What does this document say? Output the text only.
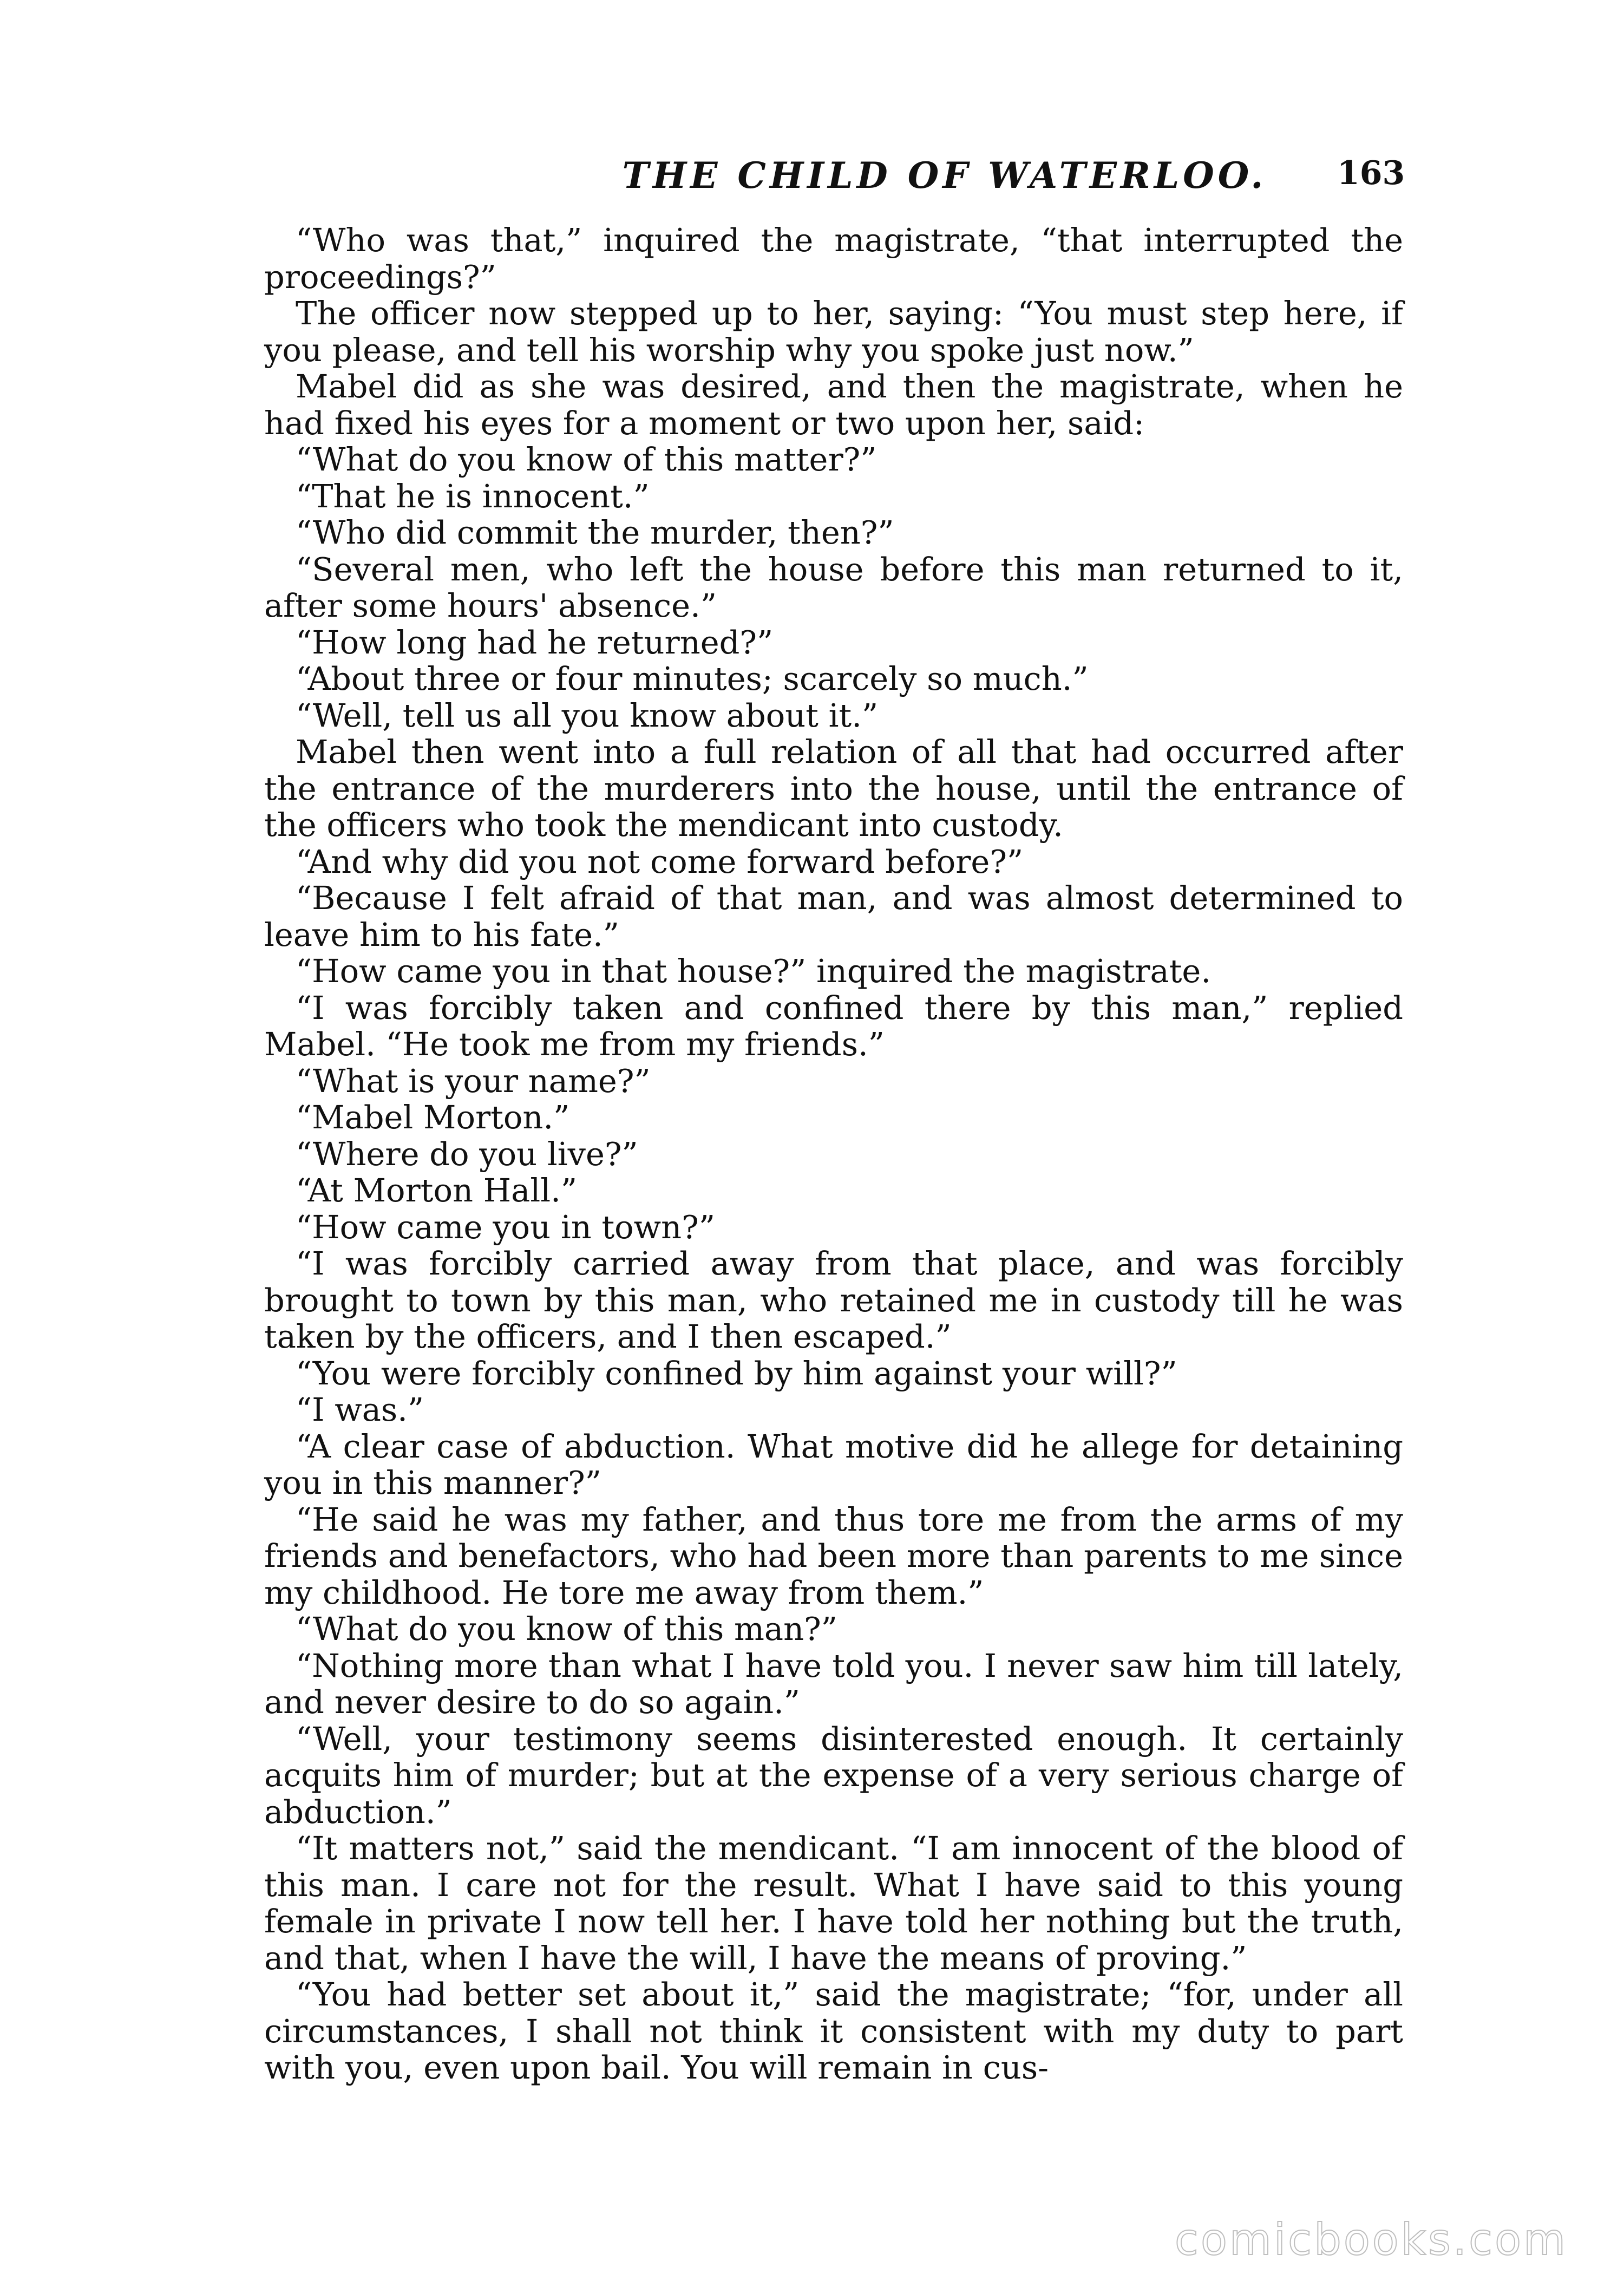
THE CHILD OF WATERLOO.	163

“Who was that,” inquired the magistrate, “that interrupted the proceedings?”

The officer now stepped up to her, saying: “You must step here, if you please, and tell his worship why you spoke just now.”

Mabel did as she was desired, and then the magistrate, when he had fixed his eyes for a moment or two upon her, said:

“What do you know of this matter?”

“That he is innocent.”

“Who did commit the murder, then?”

“Several men, who left the house before this man returned to it, after some hours' absence.”

“How long had he returned?”

“About three or four minutes; scarcely so much.”

“Well, tell us all you know about it.”

Mabel then went into a full relation of all that had occurred after the entrance of the murderers into the house, until the entrance of the officers who took the mendicant into custody.

“And why did you not come forward before?”

“Because I felt afraid of that man, and was almost determined to leave him to his fate.”

“How came you in that house?” inquired the magistrate.

“I was forcibly taken and confined there by this man,” replied Mabel. “He took me from my friends.”

“What is your name?”

“Mabel Morton.”

“Where do you live?”

“At Morton Hall.”

“How came you in town?”

“I was forcibly carried away from that place, and was forcibly brought to town by this man, who retained me in custody till he was taken by the officers, and I then escaped.”

“You were forcibly confined by him against your will?”

“I was.”

“A clear case of abduction. What motive did he allege for detaining you in this manner?”

“He said he was my father, and thus tore me from the arms of my friends and benefactors, who had been more than parents to me since my childhood. He tore me away from them.”

“What do you know of this man?”

“Nothing more than what I have told you. I never saw him till lately, and never desire to do so again.”

“Well, your testimony seems disinterested enough. It certainly acquits him of murder; but at the expense of a very serious charge of abduction.”

“It matters not,” said the mendicant. “I am innocent of the blood of this man. I care not for the result. What I have said to this young female in private I now tell her. I have told her nothing but the truth, and that, when I have the will, I have the means of proving.”

“You had better set about it,” said the magistrate; “for, under all circumstances, I shall not think it consistent with my duty to part with you, even upon bail. You will remain in cus-

comicbooks.com
